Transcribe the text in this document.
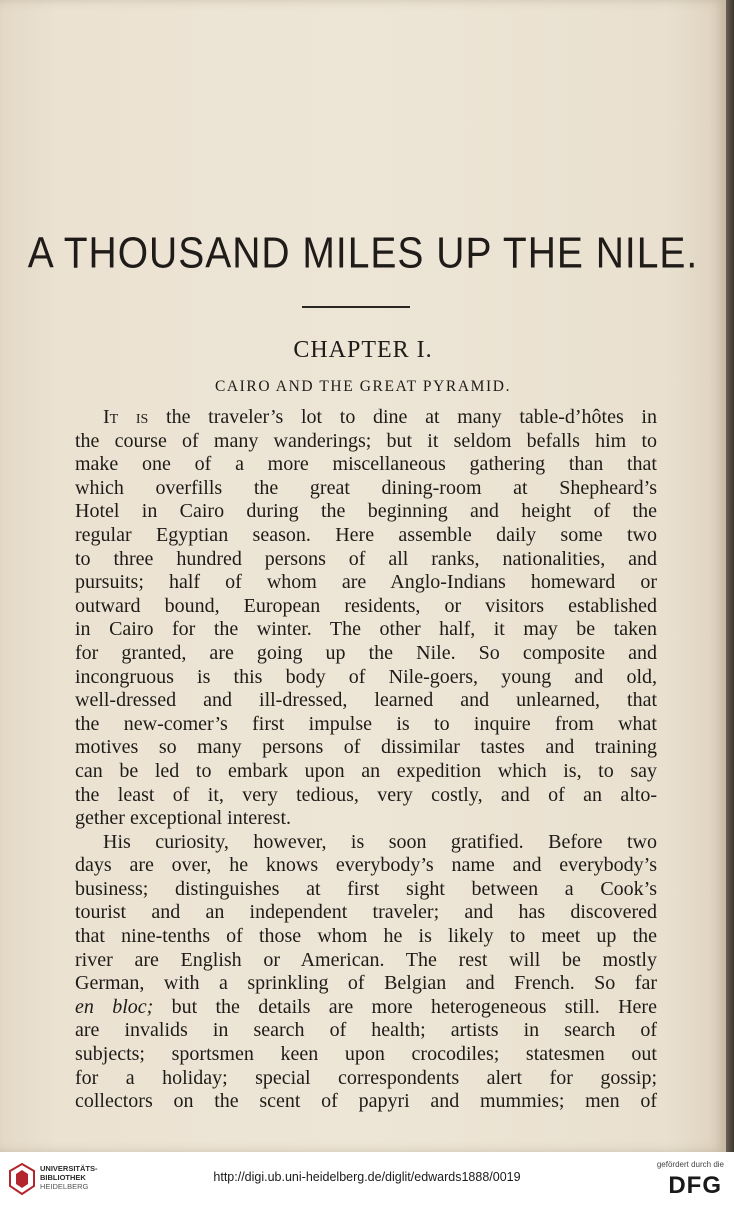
A THOUSAND MILES UP THE NILE.
CHAPTER I.
CAIRO AND THE GREAT PYRAMID.
It is the traveler’s lot to dine at many table-d’hôtes in
the course of many wanderings; but it seldom befalls him to
make one of a more miscellaneous gathering than that
which overfills the great dining-room at Shepheard’s
Hotel in Cairo during the beginning and height of the
regular Egyptian season. Here assemble daily some two
to three hundred persons of all ranks, nationalities, and
pursuits; half of whom are Anglo-Indians homeward or
outward bound, European residents, or visitors established
in Cairo for the winter. The other half, it may be taken
for granted, are going up the Nile. So composite and
incongruous is this body of Nile-goers, young and old,
well-dressed and ill-dressed, learned and unlearned, that
the new-comer’s first impulse is to inquire from what
motives so many persons of dissimilar tastes and training
can be led to embark upon an expedition which is, to say
the least of it, very tedious, very costly, and of an alto-
gether exceptional interest.
His curiosity, however, is soon gratified. Before two
days are over, he knows everybody’s name and everybody’s
business; distinguishes at first sight between a Cook’s
tourist and an independent traveler; and has discovered
that nine-tenths of those whom he is likely to meet up the
river are English or American. The rest will be mostly
German, with a sprinkling of Belgian and French. So far
en bloc; but the details are more heterogeneous still. Here
are invalids in search of health; artists in search of
subjects; sportsmen keen upon crocodiles; statesmen out
for a holiday; special correspondents alert for gossip;
collectors on the scent of papyri and mummies; men of
UNIVERSITÄTS-
BIBLIOTHEK
HEIDELBERG
http://digi.ub.uni-heidelberg.de/diglit/edwards1888/0019
gefördert durch die
DFG
